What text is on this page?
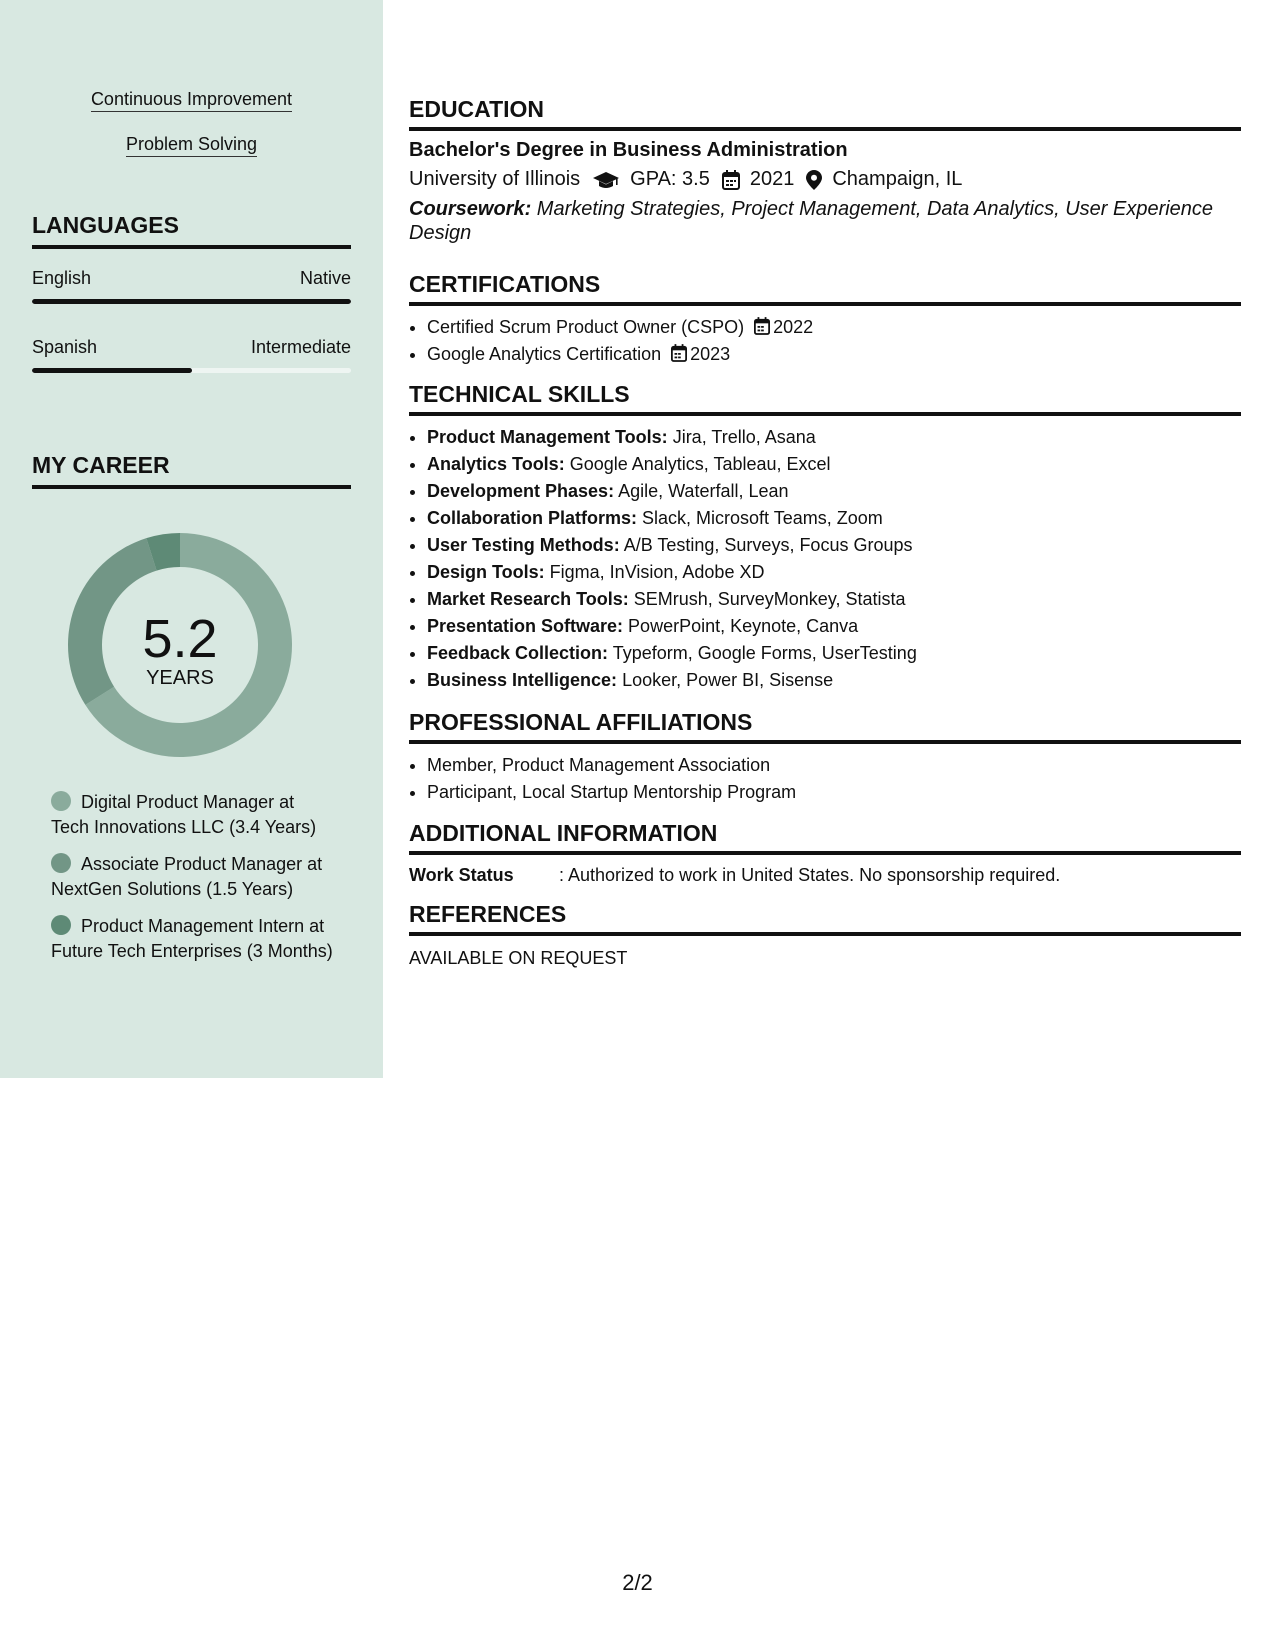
Continuous Improvement
Problem Solving
LANGUAGES
English	Native
Spanish	Intermediate
MY CAREER
5.2
YEARS
Digital Product Manager at Tech Innovations LLC (3.4 Years)
Associate Product Manager at NextGen Solutions (1.5 Years)
Product Management Intern at Future Tech Enterprises (3 Months)
EDUCATION
Bachelor's Degree in Business Administration
University of Illinois	GPA: 3.5 2021 Champaign, IL
Coursework: Marketing Strategies, Project Management, Data Analytics, User Experience Design
CERTIFICATIONS
• Certified Scrum Product Owner (CSPO) 2022
• Google Analytics Certification 2023
TECHNICAL SKILLS
• Product Management Tools: Jira, Trello, Asana
• Analytics Tools: Google Analytics, Tableau, Excel
• Development Phases: Agile, Waterfall, Lean
• Collaboration Platforms: Slack, Microsoft Teams, Zoom
• User Testing Methods: A/B Testing, Surveys, Focus Groups
• Design Tools: Figma, InVision, Adobe XD
• Market Research Tools: SEMrush, SurveyMonkey, Statista
• Presentation Software: PowerPoint, Keynote, Canva
• Feedback Collection: Typeform, Google Forms, UserTesting
• Business Intelligence: Looker, Power BI, Sisense
PROFESSIONAL AFFILIATIONS
• Member, Product Management Association
• Participant, Local Startup Mentorship Program
ADDITIONAL INFORMATION
Work Status	: Authorized to work in United States. No sponsorship required.
REFERENCES
AVAILABLE ON REQUEST
2/2
